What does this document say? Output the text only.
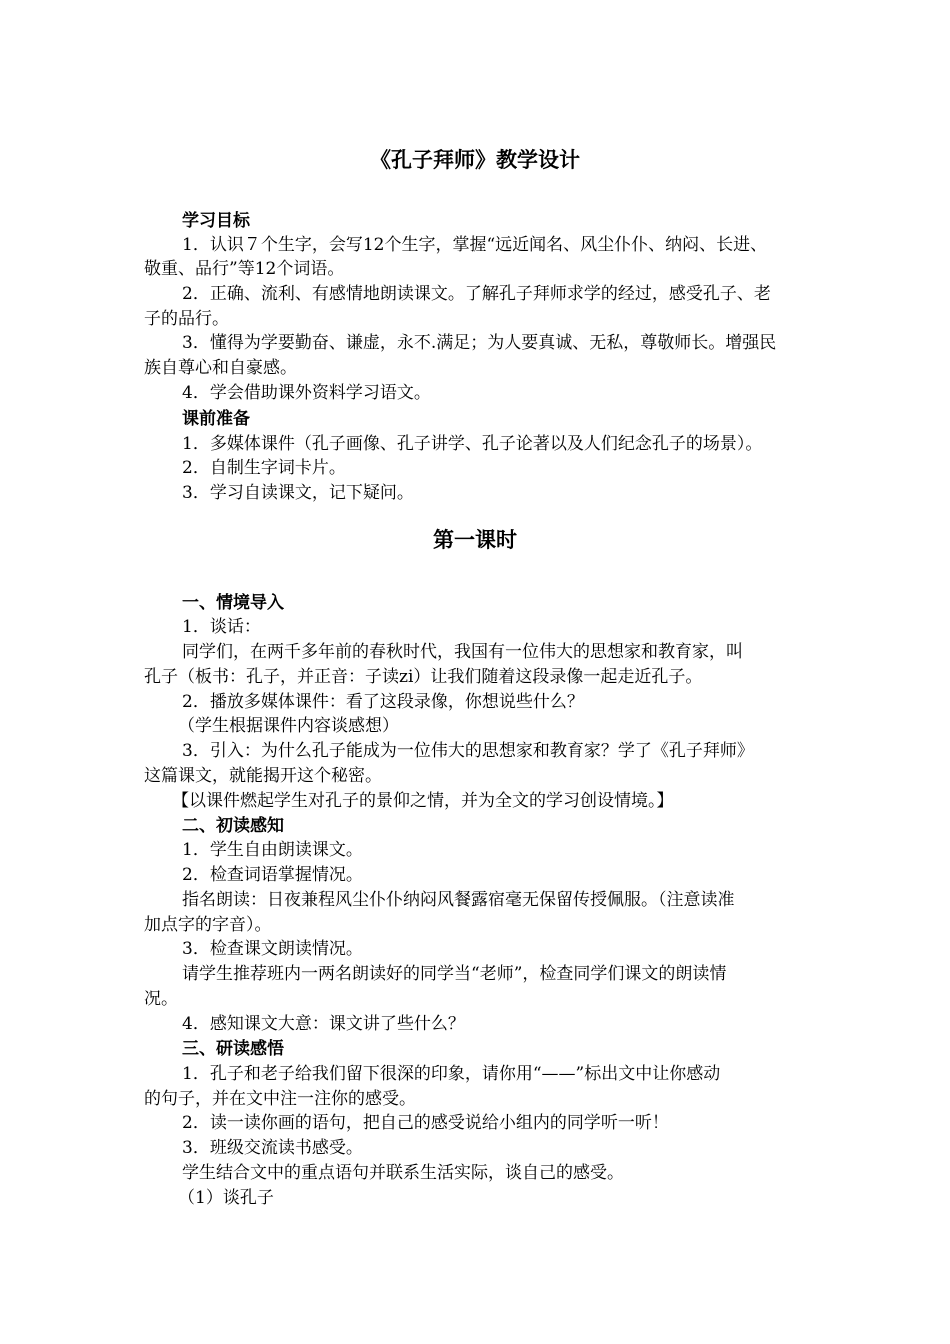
《孔子拜师》教学设计
学习目标
1．认识７个生字，会写12个生字，掌握“远近闻名、风尘仆仆、纳闷、长进、
敬重、品行”等12个词语。
2．正确、流利、有感情地朗读课文。了解孔子拜师求学的经过，感受孔子、老
子的品行。
3．懂得为学要勤奋、谦虚，永不.满足；为人要真诚、无私，尊敬师长。增强民
族自尊心和自豪感。
4．学会借助课外资料学习语文。
课前准备
1．多媒体课件（孔子画像、孔子讲学、孔子论著以及人们纪念孔子的场景）。
2．自制生字词卡片。
3．学习自读课文，记下疑问。
第一课时
一、情境导入
1．谈话：
同学们，在两千多年前的春秋时代，我国有一位伟大的思想家和教育家，叫
孔子（板书：孔子，并正音：子读zi）让我们随着这段录像一起走近孔子。
2．播放多媒体课件：看了这段录像，你想说些什么？
（学生根据课件内容谈感想）
3．引入：为什么孔子能成为一位伟大的思想家和教育家？学了《孔子拜师》
这篇课文，就能揭开这个秘密。
【以课件燃起学生对孔子的景仰之情，并为全文的学习创设情境。】
二、初读感知
1．学生自由朗读课文。
2．检查词语掌握情况。
指名朗读：日夜兼程风尘仆仆纳闷风餐露宿毫无保留传授佩服。（注意读准
加点字的字音）。
3．检查课文朗读情况。
请学生推荐班内一两名朗读好的同学当“老师”，检查同学们课文的朗读情
况。
4．感知课文大意：课文讲了些什么？
三、研读感悟
1．孔子和老子给我们留下很深的印象，请你用“——”标出文中让你感动
的句子，并在文中注一注你的感受。
2．读一读你画的语句，把自己的感受说给小组内的同学听一听！
3．班级交流读书感受。
学生结合文中的重点语句并联系生活实际，谈自己的感受。
（1）谈孔子
